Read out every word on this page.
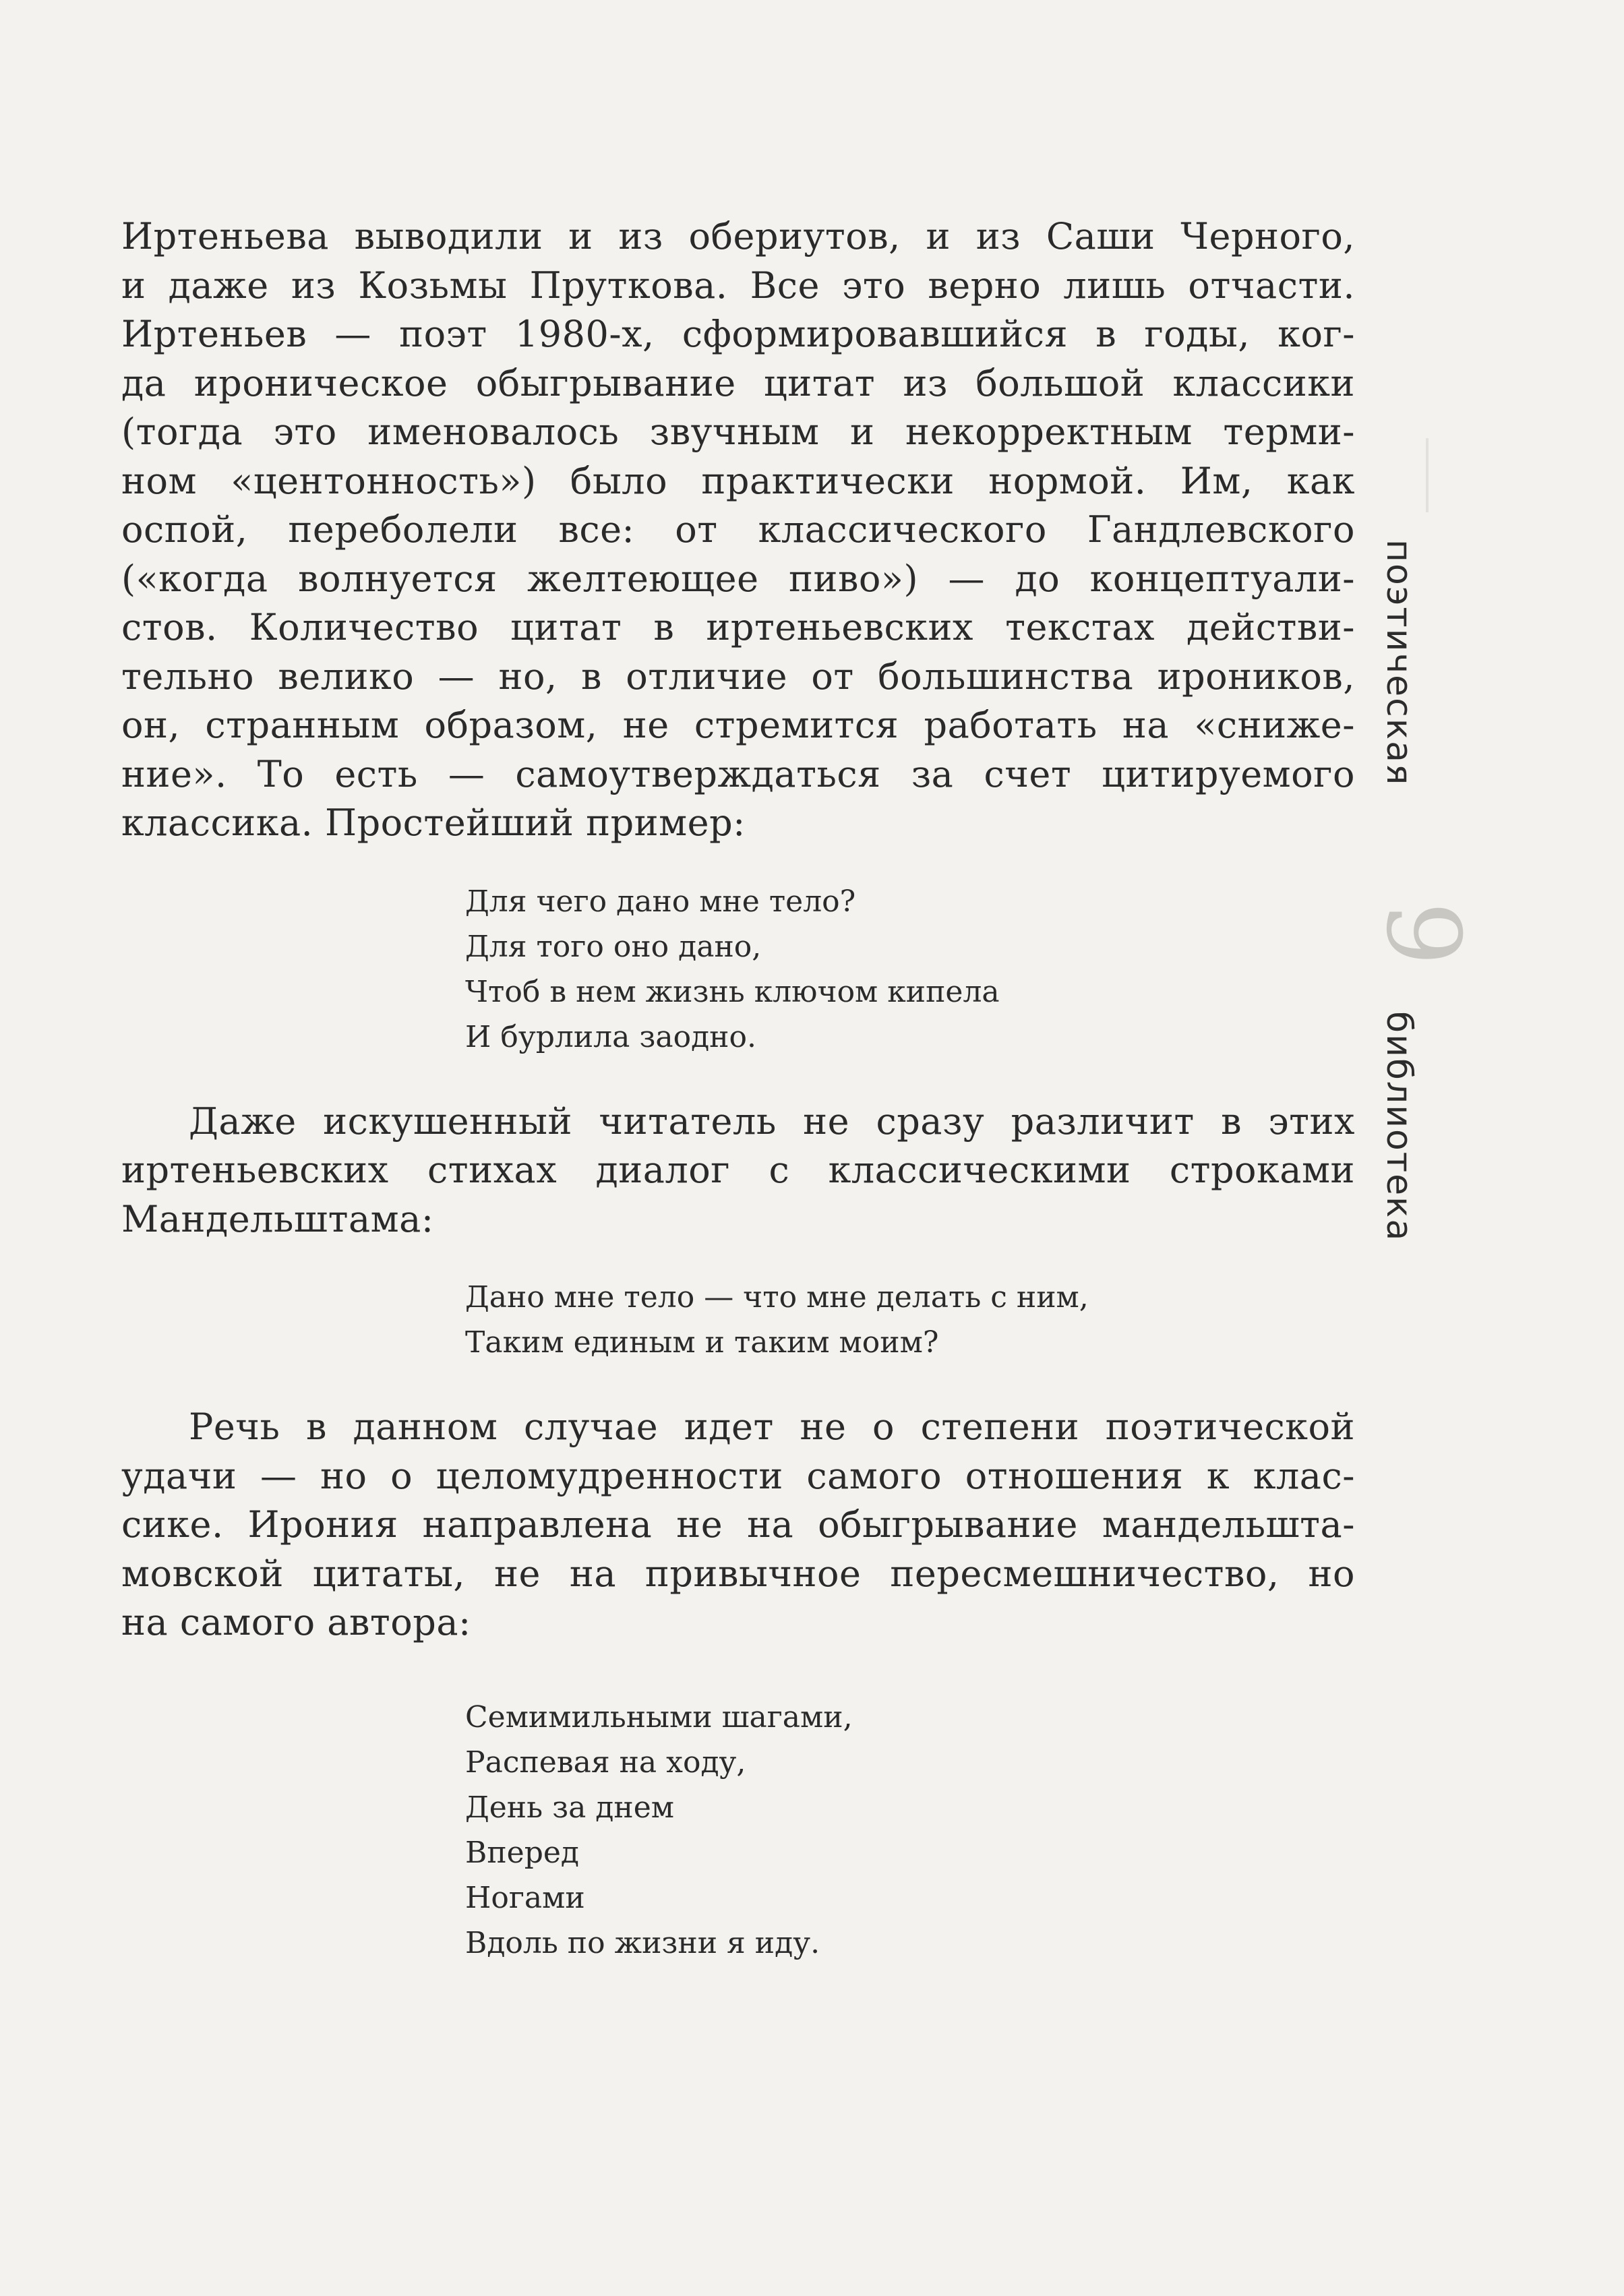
Иртеньева выводили и из обериутов, и из Саши Черного,
и даже из Козьмы Пруткова. Все это верно лишь отчасти.
Иртеньев — поэт 1980-х, сформировавшийся в годы, ког-
да ироническое обыгрывание цитат из большой классики
(тогда это именовалось звучным и некорректным терми-
ном «центонность») было практически нормой. Им, как
оспой, переболели все: от классического Гандлевского
(«когда волнуется желтеющее пиво») — до концептуали-
стов. Количество цитат в иртеньевских текстах действи-
тельно велико — но, в отличие от большинства ироников,
он, странным образом, не стремится работать на «сниже-
ние». То есть — самоутверждаться за счет цитируемого
классика. Простейший пример:

Для чего дано мне тело?
Для того оно дано,
Чтоб в нем жизнь ключом кипела
И бурлила заодно.

Даже искушенный читатель не сразу различит в этих
иртеньевских стихах диалог с классическими строками
Мандельштама:

Дано мне тело — что мне делать с ним,
Таким единым и таким моим?

Речь в данном случае идет не о степени поэтической
удачи — но о целомудренности самого отношения к клас-
сике. Ирония направлена не на обыгрывание мандельшта-
мовской цитаты, не на привычное пересмешничество, но
на самого автора:

Семимильными шагами,
Распевая на ходу,
День за днем
Вперед
Ногами
Вдоль по жизни я иду.
поэтическая
библиотека
9
